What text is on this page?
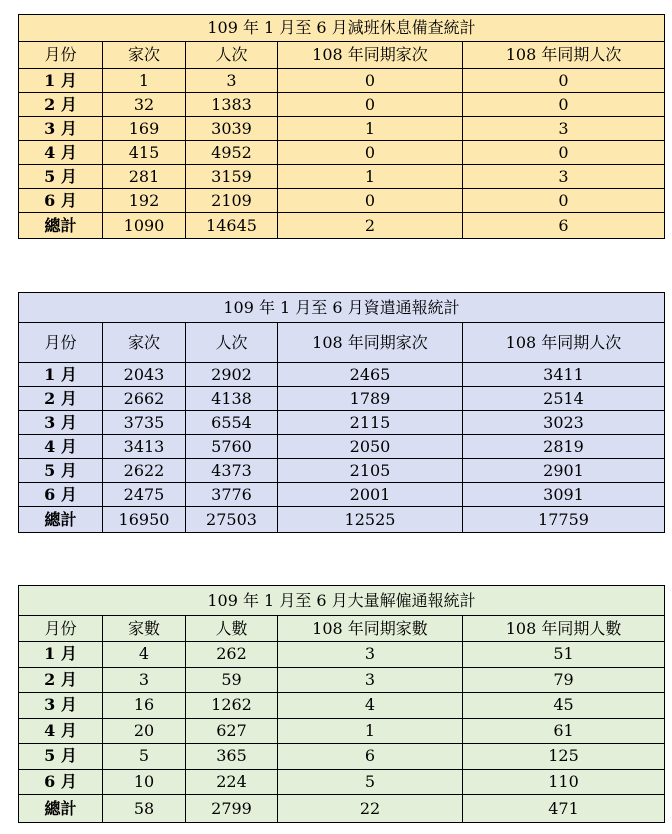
109 年 1 月至 6 月減班休息備查統計				
月份	家次	人次	108 年同期家次	108 年同期人次
1 月	1	3	0	0
2 月	32	1383	0	0
3 月	169	3039	1	3
4 月	415	4952	0	0
5 月	281	3159	1	3
6 月	192	2109	0	0
總計	1090	14645	2	6
109 年 1 月至 6 月資遣通報統計				
月份	家次	人次	108 年同期家次	108 年同期人次
1 月	2043	2902	2465	3411
2 月	2662	4138	1789	2514
3 月	3735	6554	2115	3023
4 月	3413	5760	2050	2819
5 月	2622	4373	2105	2901
6 月	2475	3776	2001	3091
總計	16950	27503	12525	17759
109 年 1 月至 6 月大量解僱通報統計				
月份	家數	人數	108 年同期家數	108 年同期人數
1 月	4	262	3	51
2 月	3	59	3	79
3 月	16	1262	4	45
4 月	20	627	1	61
5 月	5	365	6	125
6 月	10	224	5	110
總計	58	2799	22	471
